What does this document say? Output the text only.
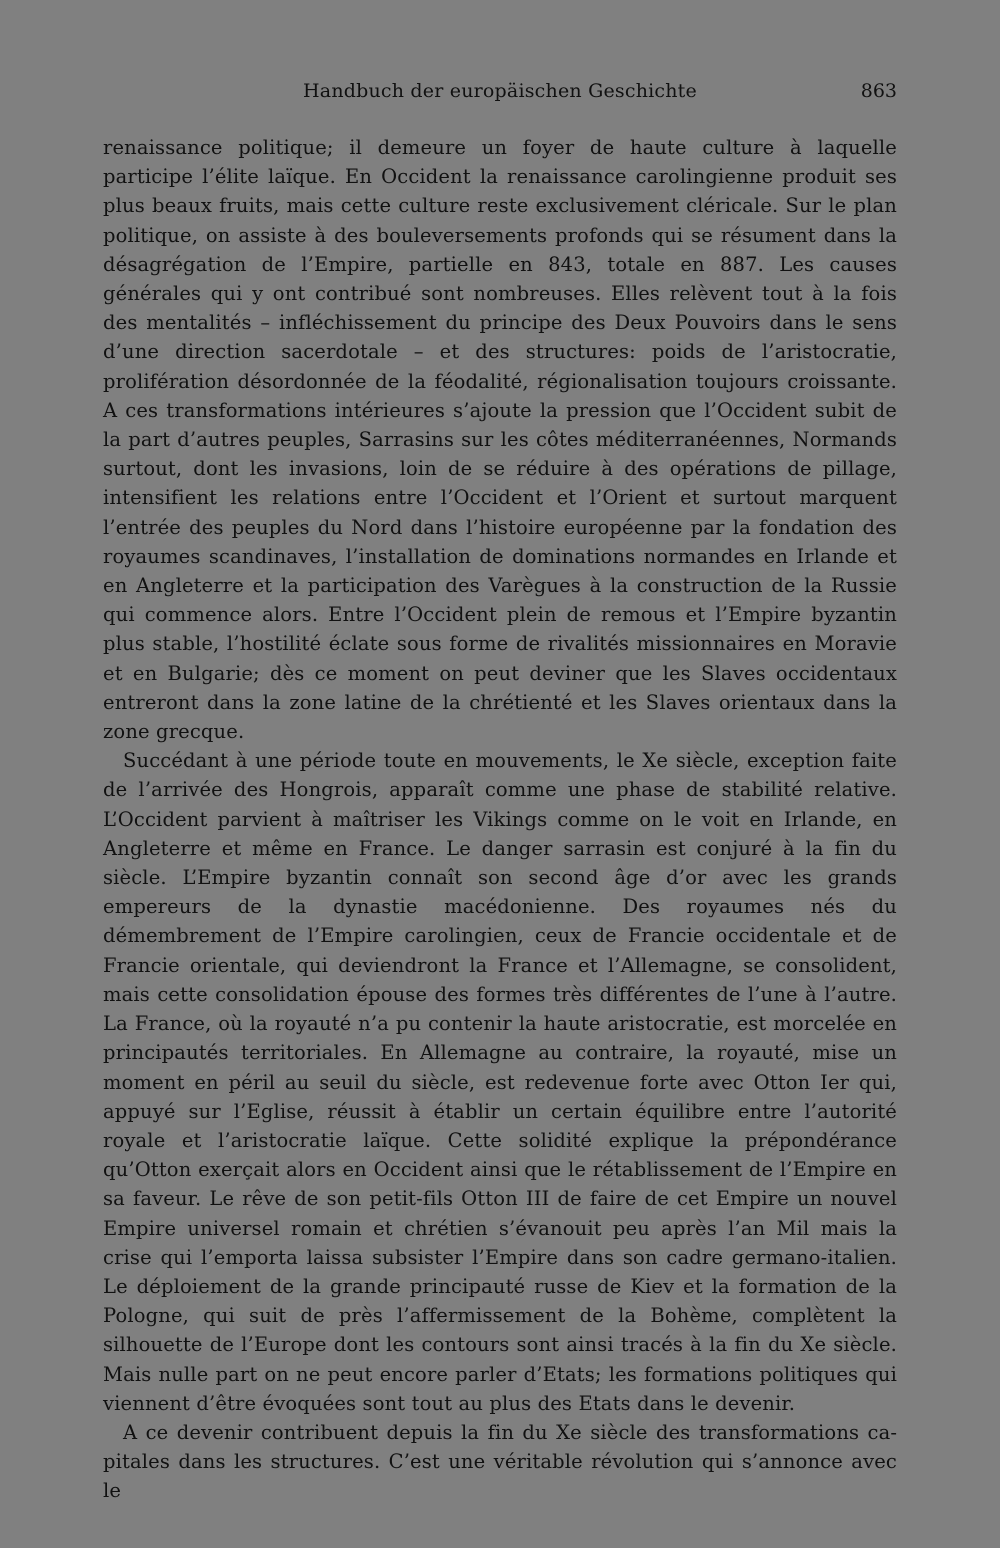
Handbuch der europäischen Geschichte	863

renaissance politique; il demeure un foyer de haute culture à laquelle participe l’élite laïque. En Occident la renaissance carolingienne produit ses plus beaux fruits, mais cette culture reste exclusivement cléricale. Sur le plan politique, on assiste à des bouleversements profonds qui se résument dans la désagrégation de l’Empire, partielle en 843, totale en 887. Les causes générales qui y ont contribué sont nombreuses. Elles relèvent tout à la fois des mentalités – infléchissement du principe des Deux Pouvoirs dans le sens d’une direction sacerdotale – et des structures: poids de l’aristocratie, prolifération désordonnée de la féodalité, régionalisation toujours croissante. A ces transformations intérieures s’ajoute la pression que l’Occident subit de la part d’autres peuples, Sarrasins sur les côtes méditerranéennes, Normands surtout, dont les invasions, loin de se réduire à des opérations de pillage, intensifient les relations entre l’Occident et l’Orient et surtout marquent l’entrée des peuples du Nord dans l’histoire européenne par la fondation des royaumes scandinaves, l’installation de dominations normandes en Irlande et en Angleterre et la participation des Varègues à la construction de la Russie qui commence alors. Entre l’Occident plein de remous et l’Empire byzantin plus stable, l’hostilité éclate sous forme de rivalités missionnaires en Moravie et en Bulgarie; dès ce moment on peut deviner que les Slaves occidentaux entreront dans la zone latine de la chrétienté et les Slaves orientaux dans la zone grecque.

Succédant à une période toute en mouvements, le Xe siècle, exception faite de l’arrivée des Hongrois, apparaît comme une phase de stabilité relative. L’Occident parvient à maîtriser les Vikings comme on le voit en Irlande, en Angleterre et même en France. Le danger sarrasin est conjuré à la fin du siècle. L’Empire byzantin connaît son second âge d’or avec les grands empereurs de la dynastie macédonienne. Des royaumes nés du démembrement de l’Empire carolingien, ceux de Francie occidentale et de Francie orientale, qui deviendront la France et l’Allemagne, se consolident, mais cette consolidation épouse des formes très différentes de l’une à l’autre. La France, où la royauté n’a pu contenir la haute aristocratie, est morcelée en principautés territoriales. En Allemagne au contraire, la royauté, mise un moment en péril au seuil du siècle, est redevenue forte avec Otton Ier qui, appuyé sur l’Eglise, réussit à établir un certain équilibre entre l’autorité royale et l’aristocratie laïque. Cette solidité explique la prépondérance qu’Otton exerçait alors en Occident ainsi que le rétablissement de l’Empire en sa faveur. Le rêve de son petit-fils Otton III de faire de cet Empire un nouvel Empire universel romain et chrétien s’évanouit peu après l’an Mil mais la crise qui l’emporta laissa subsister l’Empire dans son cadre germano-italien. Le déploiement de la grande principauté russe de Kiev et la formation de la Pologne, qui suit de près l’affermissement de la Bohème, complètent la silhouette de l’Europe dont les contours sont ainsi tracés à la fin du Xe siècle. Mais nulle part on ne peut encore parler d’Etats; les formations politiques qui viennent d’être évoquées sont tout au plus des Etats dans le devenir.

A ce devenir contribuent depuis la fin du Xe siècle des transformations capitales dans les structures. C’est une véritable révolution qui s’annonce avec le
